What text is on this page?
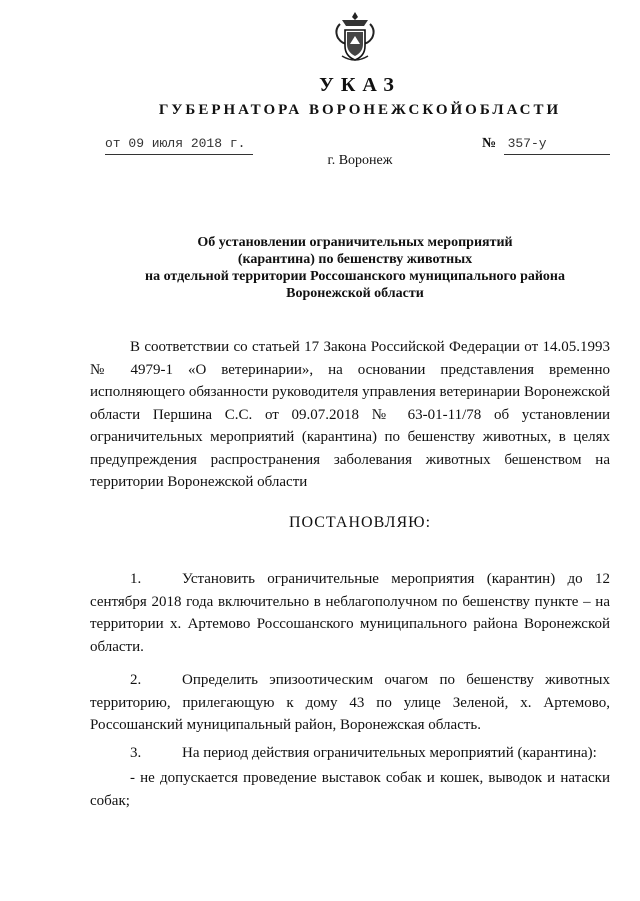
УКАЗ
ГУБЕРНАТОРА ВОРОНЕЖСКОЙОБЛАСТИ
от 09 июля 2018 г.	№ 357-у
г. Воронеж
Об установлении ограничительных мероприятий
(карантина) по бешенству животных
на отдельной территории Россошанского муниципального района
Воронежской области
В соответствии со статьей 17 Закона Российской Федерации от 14.05.1993 № 4979-1 «О ветеринарии», на основании представления временно исполняющего обязанности руководителя управления ветеринарии Воронежской области Першина С.С. от 09.07.2018 № 63-01-11/78 об установлении ограничительных мероприятий (карантина) по бешенству животных, в целях предупреждения распространения заболевания животных бешенством на территории Воронежской области
ПОСТАНОВЛЯЮ:
1.	Установить ограничительные мероприятия (карантин) до 12 сентября 2018 года включительно в неблагополучном по бешенству пункте – на территории х. Артемово Россошанского муниципального района Воронежской области.
2.	Определить эпизоотическим очагом по бешенству животных территорию, прилегающую к дому 43 по улице Зеленой, х. Артемово, Россошанский муниципальный район, Воронежская область.
3.	На период действия ограничительных мероприятий (карантина):
- не допускается проведение выставок собак и кошек, выводок и натаски собак;
